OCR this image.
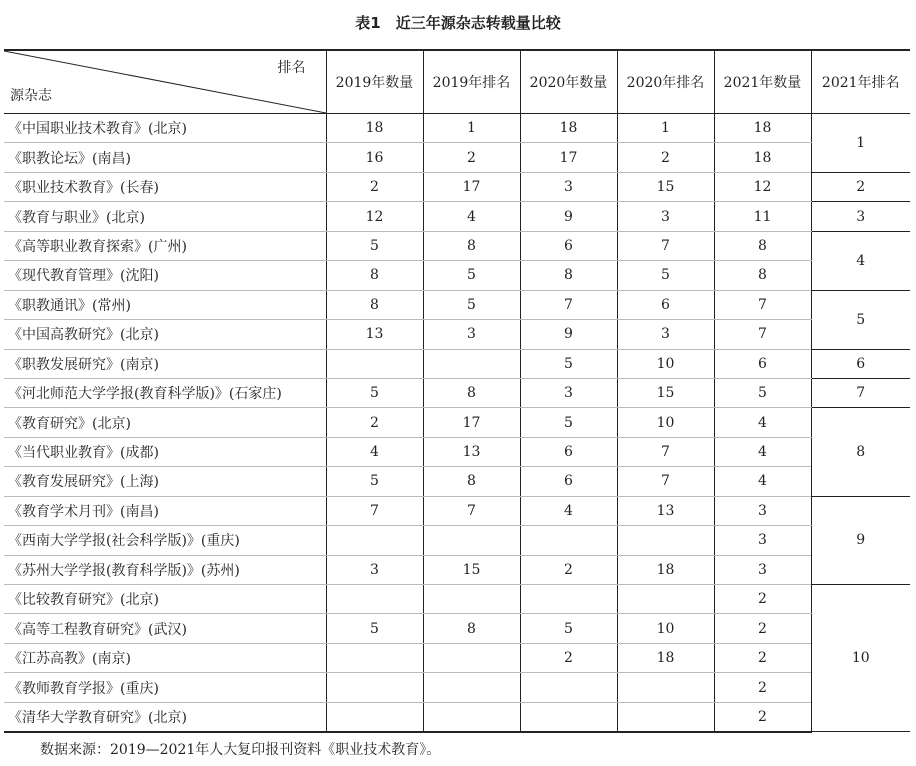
表1　近三年源杂志转载量比较
排名
源杂志	2019年数量	2019年排名	2020年数量	2020年排名	2021年数量	2021年排名
《中国职业技术教育》(北京)	18	1	18	1	18	1
《职教论坛》(南昌)	16	2	17	2	18	
《职业技术教育》(长春)	2	17	3	15	12	2
《教育与职业》(北京)	12	4	9	3	11	3
《高等职业教育探索》(广州)	5	8	6	7	8	4
《现代教育管理》(沈阳)	8	5	8	5	8	
《职教通讯》(常州)	8	5	7	6	7	5
《中国高教研究》(北京)	13	3	9	3	7	
《职教发展研究》(南京)			5	10	6	6
《河北师范大学学报(教育科学版)》(石家庄)	5	8	3	15	5	7
《教育研究》(北京)	2	17	5	10	4	8
《当代职业教育》(成都)	4	13	6	7	4	
《教育发展研究》(上海)	5	8	6	7	4	
《教育学术月刊》(南昌)	7	7	4	13	3	9
《西南大学学报(社会科学版)》(重庆)					3	
《苏州大学学报(教育科学版)》(苏州)	3	15	2	18	3	
《比较教育研究》(北京)					2	10
《高等工程教育研究》(武汉)	5	8	5	10	2	
《江苏高教》(南京)			2	18	2	
《教师教育学报》(重庆)					2	
《清华大学教育研究》(北京)					2	
数据来源：2019—2021年人大复印报刊资料《职业技术教育》。
